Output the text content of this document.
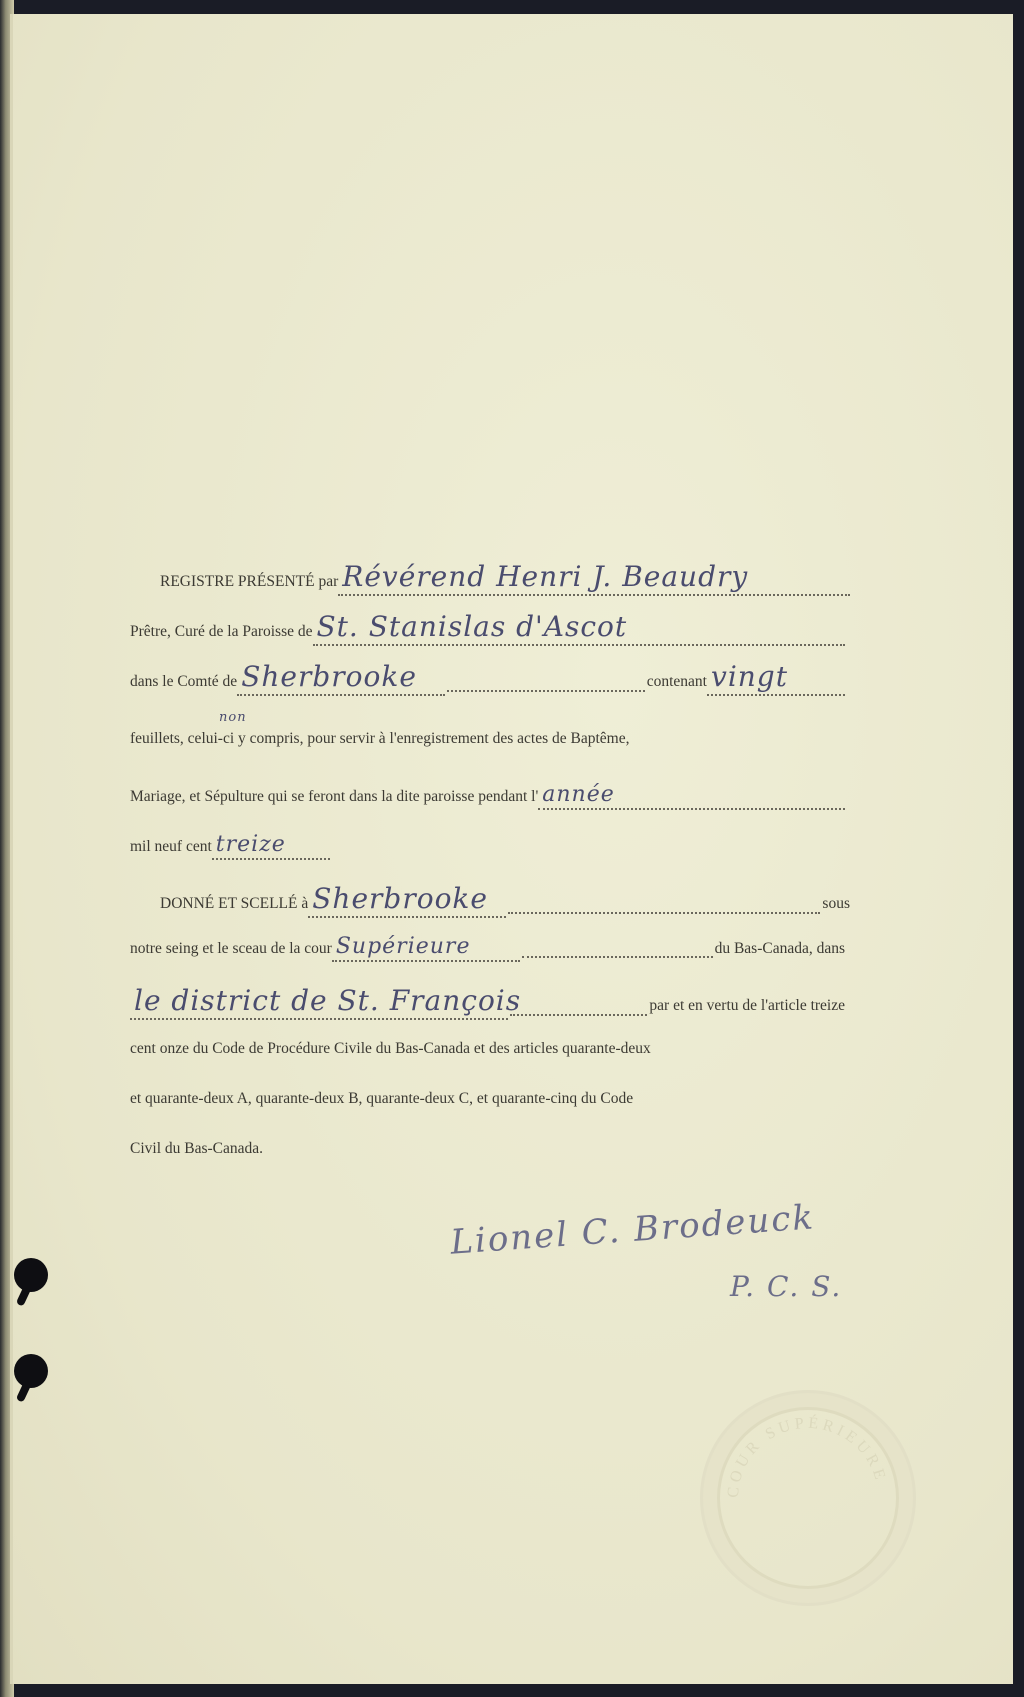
REGISTRE PRÉSENTÉ par Révérend Henri J. Beaudry
Prêtre, Curé de la Paroisse de St. Stanislas d'Ascot
dans le Comté de Sherbrooke	contenant vingt
feuillets, celui-ci y compris, pour servir à l'enregistrement des actes de Baptême,
non
Mariage, et Sépulture qui se feront dans la dite paroisse pendant l' année
mil neuf cent treize
DONNÉ ET SCELLÉ à Sherbrooke	sous
notre seing et le sceau de la cour Supérieure	du Bas-Canada, dans
le district de St. François	par et en vertu de l'article treize
cent onze du Code de Procédure Civile du Bas-Canada et des articles quarante-deux
et quarante-deux A, quarante-deux B, quarante-deux C, et quarante-cinq du Code
Civil du Bas-Canada.
Lionel C. Brodeuck
P. C. S.
COUR SUPÉRIEURE
